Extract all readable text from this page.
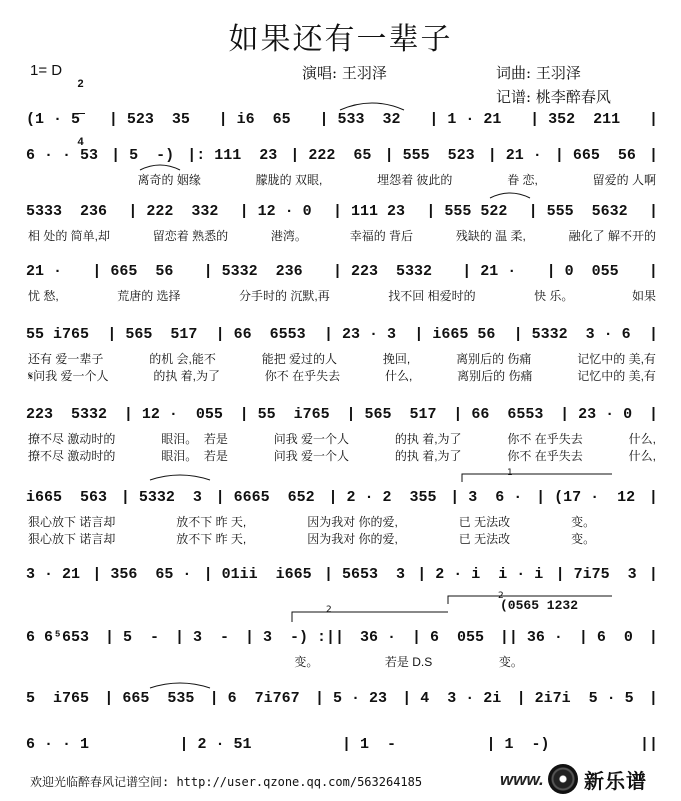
如果还有一辈子
1= D

2

4

演唱: 王羽泽	词曲: 王羽泽
记谱: 桃李醉春风
(1 · 5 | 523  35 | i6  65 | 533  32 | 1 · 21 | 352  211 |
6 · · 53 | 5  -) |: 111  23 | 222  65 | 555  523 | 21 · | 665  56 |
离奇的 姻缘	朦胧的 双眼,	埋怨着 彼此的	眷 恋,	留爱的 人啊
5333  236 | 222  332 | 12 · 0 | 111 23 | 555 522 | 555  5632 |
相 处的 简单,却	留恋着 熟悉的	港湾。	幸福的 背后	残缺的 温 柔,	融化了 解不开的
21 · | 665  56 | 5332  236 | 223  5332 | 21 · | 0  055 |
忧 愁,	荒唐的 选择	分手时的 沉默,再	找不回 相爱时的	快 乐。	如果
55 i765 | 565  517 | 66  6553 | 23 · 3 | i665 56 | 5332  3 · 6 |
还有 爱一辈子	的机 会,能不	能把 爱过的人	挽回,	离别后的 伤痛	记忆中的 美,有
𝄋问我 爱一个人	的执 着,为了	你不 在乎失去	什么,	离别后的 伤痛	记忆中的 美,有
223  5332 | 12 ·  055 | 55  i765 | 565  517 | 66  6553 | 23 · 0 |
撩不尽 激动时的	眼泪。  若是	问我 爱一个人	的执 着,为了	你不 在乎失去	什么,
撩不尽 激动时的	眼泪。  若是	问我 爱一个人	的执 着,为了	你不 在乎失去	什么,
i665  563 | 5332  3 | 6665  652 | 2 · 2  355 | 3  6 · | (17 ·  12 |
狠心放下 诺言却	放不下 昨 天,	因为我对 你的爱,	已 无法改	变。
狠心放下 诺言却	放不下 昨 天,	因为我对 你的爱,	已 无法改	变。
3 · 21 | 356  65 · | 01ii  i665 | 5653  3 | 2 · i  i · i | 7i75  3 |
6 6⁵653 | 5  - | 3  - | 3  -) :|| 36 · | 6  055 || 36 · | 6  0 |
变。	若是 D.S	变。
5  i765 | 665  535 | 6  7i767 | 5 · 23 | 4  3 · 2i | 2i7i  5 · 5 |
6 · · 1	| 2 · 51	| 1  -	| 1  -)	||
(0565 1232
1
2
2
欢迎光临醉春风记谱空间: http://user.qzone.qq.com/563264185	www. 新乐谱
